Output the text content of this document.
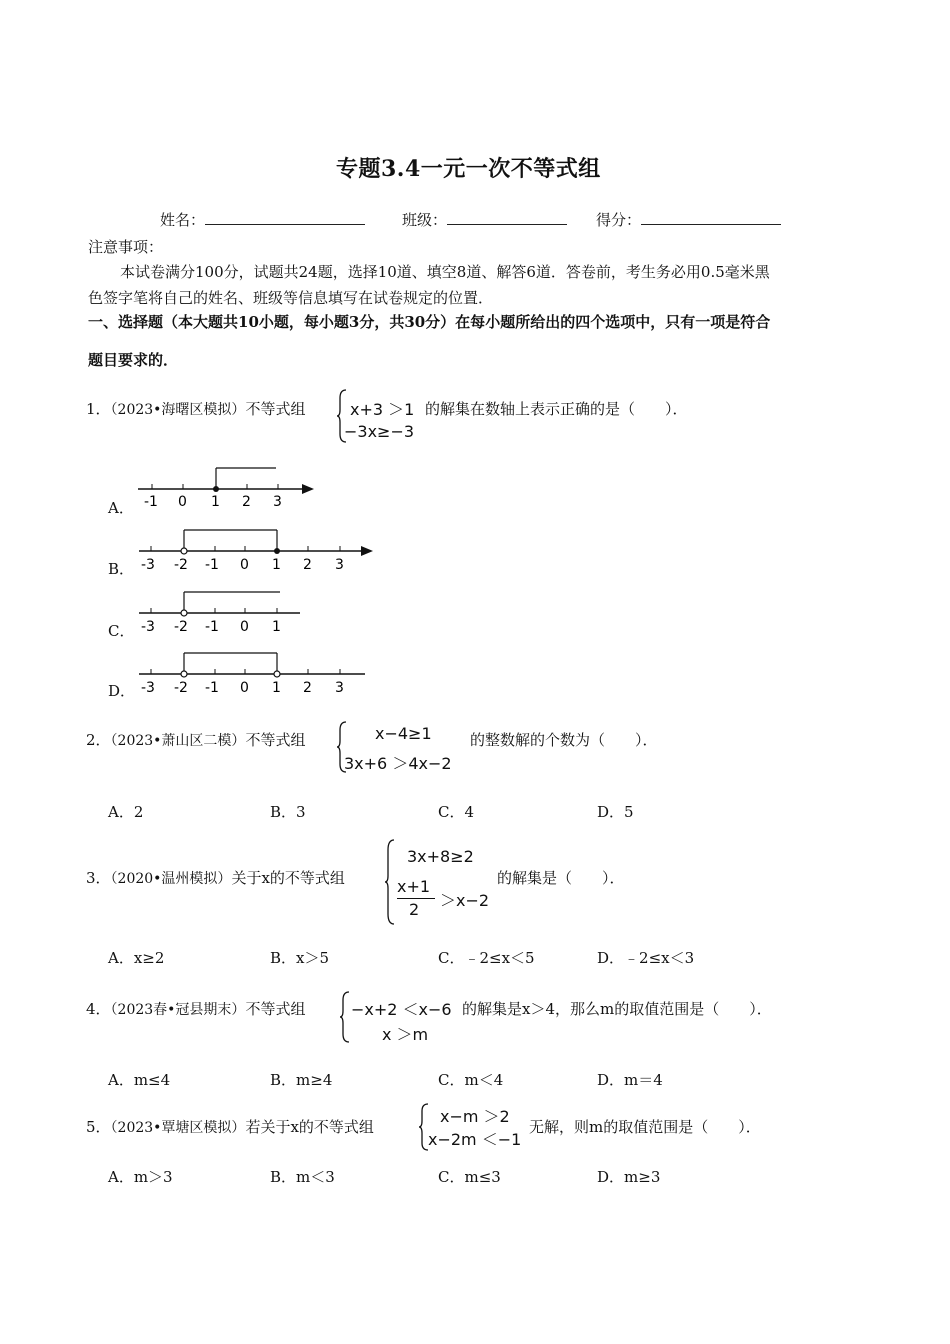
专题3.4一元一次不等式组
姓名：	班级：	得分：
注意事项：
本试卷满分100分，试题共24题，选择10道、填空8道、解答6道．答卷前，考生务必用0.5毫米黑
色签字笔将自己的姓名、班级等信息填写在试卷规定的位置．
一、选择题（本大题共10小题，每小题3分，共30分）在每小题所给出的四个选项中，只有一项是符合
题目要求的．
1．（2023•海曙区模拟）不等式组	x+3 ＞1
−3x≥−3
的解集在数轴上表示正确的是（　　）．
A． -1 0 1 2 3
B． -3 -2 -1 0 1 2 3
C． -3 -2 -1 0 1
D． -3 -2 -1 0 1 2 3
2．（2023•萧山区二模）不等式组	x−4≥1
3x+6 ＞4x−2
的整数解的个数为（　　）．
A．2	B．3	C．4	D．5
3．（2020•温州模拟）关于x的不等式组
3x+8≥2
x+1
2 ＞x−2
的解集是（　　）．
A．x≥2	B．x＞5	C．﹣2≤x＜5	D．﹣2≤x＜3
4．（2023春•冠县期末）不等式组	−x+2 ＜x−6
x ＞m
的解集是x＞4，那么m的取值范围是（　　）．
A．m≤4	B．m≥4	C．m＜4	D．m＝4
5．（2023•覃塘区模拟）若关于x的不等式组
x−m ＞2
x−2m ＜−1
无解，则m的取值范围是（　　）．
A．m＞3	B．m＜3	C．m≤3	D．m≥3
